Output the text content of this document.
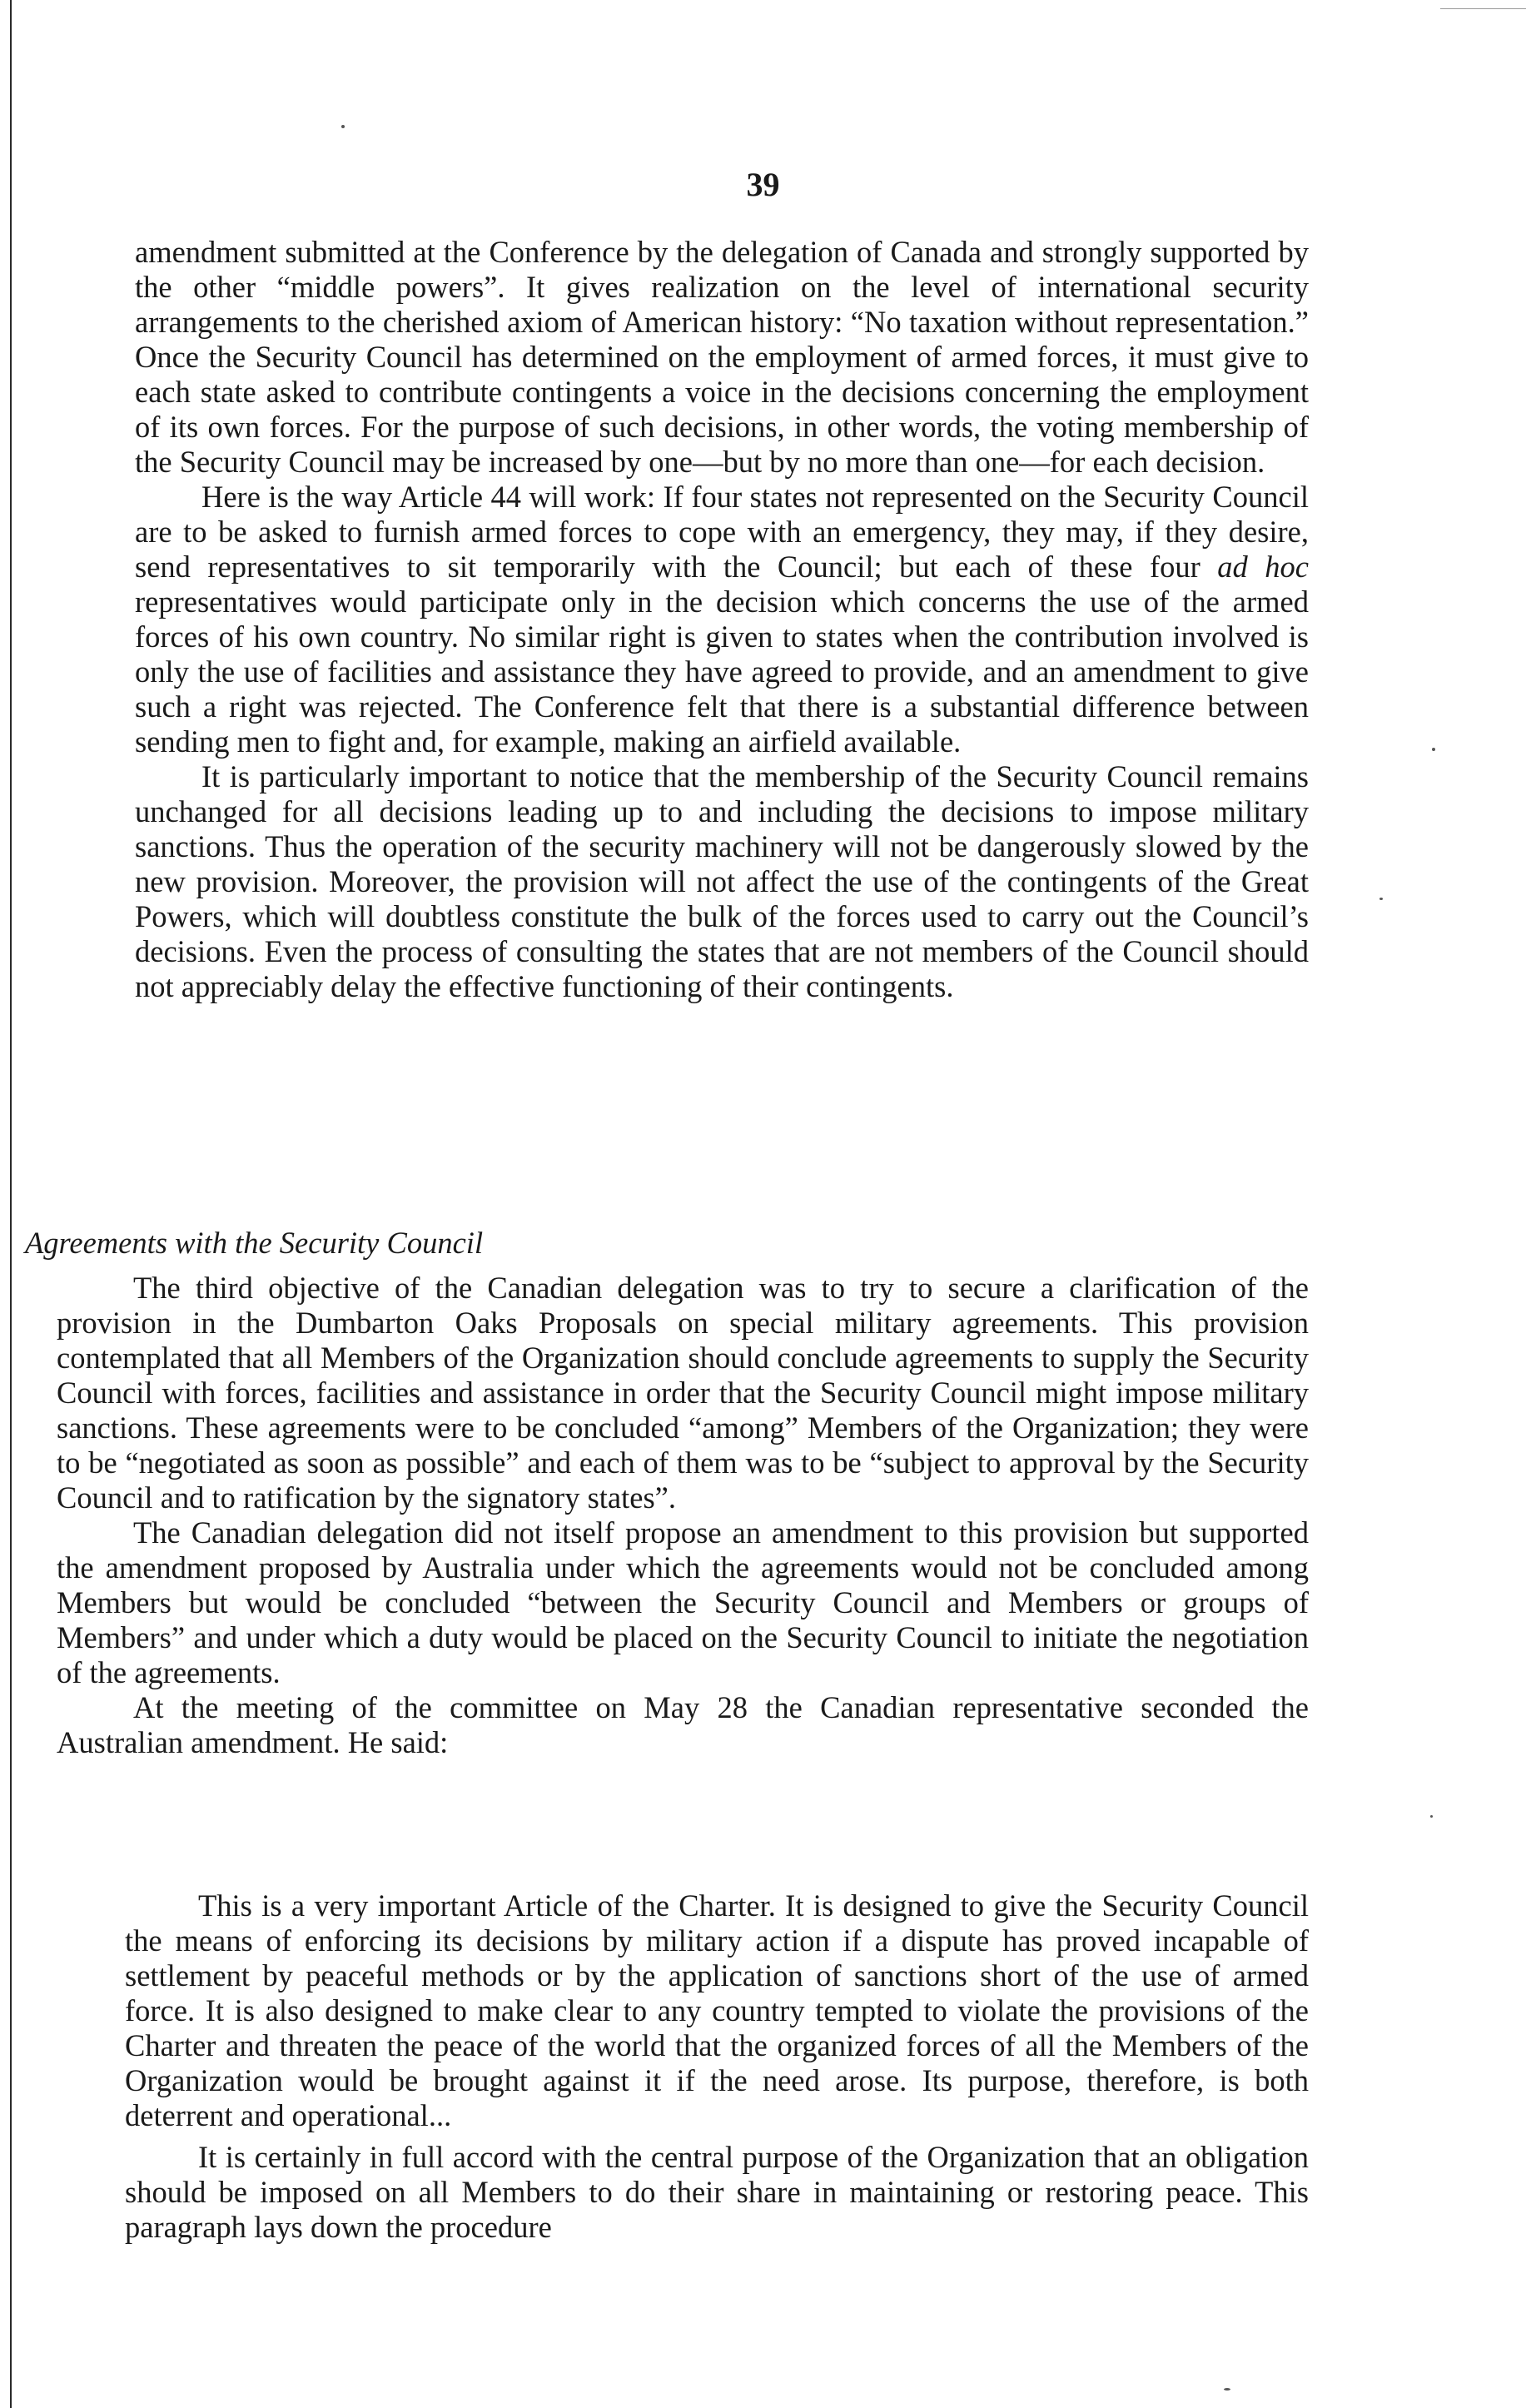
39

amendment submitted at the Conference by the delegation of Canada and strongly supported by the other “middle powers”. It gives realization on the level of international security arrangements to the cherished axiom of American history: “No taxation without representation.” Once the Security Council has determined on the employment of armed forces, it must give to each state asked to contribute contingents a voice in the decisions concerning the employment of its own forces. For the purpose of such decisions, in other words, the voting membership of the Security Council may be increased by one—but by no more than one—for each decision.

Here is the way Article 44 will work: If four states not represented on the Security Council are to be asked to furnish armed forces to cope with an emergency, they may, if they desire, send representatives to sit temporarily with the Council; but each of these four ad hoc representatives would participate only in the decision which concerns the use of the armed forces of his own country. No similar right is given to states when the contribution involved is only the use of facilities and assistance they have agreed to provide, and an amendment to give such a right was rejected. The Conference felt that there is a substantial difference between sending men to fight and, for example, making an airfield available.

It is particularly important to notice that the membership of the Security Council remains unchanged for all decisions leading up to and including the decisions to impose military sanctions. Thus the operation of the security machinery will not be dangerously slowed by the new provision. Moreover, the provision will not affect the use of the contingents of the Great Powers, which will doubtless constitute the bulk of the forces used to carry out the Council’s decisions. Even the process of consulting the states that are not members of the Council should not appreciably delay the effective functioning of their contingents.

Agreements with the Security Council

The third objective of the Canadian delegation was to try to secure a clarification of the provision in the Dumbarton Oaks Proposals on special military agreements. This provision contemplated that all Members of the Organization should conclude agreements to supply the Security Council with forces, facilities and assistance in order that the Security Council might impose military sanctions. These agreements were to be concluded “among” Members of the Organization; they were to be “negotiated as soon as possible” and each of them was to be “subject to approval by the Security Council and to ratification by the signatory states”.

The Canadian delegation did not itself propose an amendment to this provision but supported the amendment proposed by Australia under which the agreements would not be concluded among Members but would be concluded “between the Security Council and Members or groups of Members” and under which a duty would be placed on the Security Council to initiate the negotiation of the agreements.

At the meeting of the committee on May 28 the Canadian representative seconded the Australian amendment. He said:

This is a very important Article of the Charter. It is designed to give the Security Council the means of enforcing its decisions by military action if a dispute has proved incapable of settlement by peaceful methods or by the application of sanctions short of the use of armed force. It is also designed to make clear to any country tempted to violate the provisions of the Charter and threaten the peace of the world that the organized forces of all the Members of the Organization would be brought against it if the need arose. Its purpose, therefore, is both deterrent and operational...

It is certainly in full accord with the central purpose of the Organization that an obligation should be imposed on all Members to do their share in maintaining or restoring peace. This paragraph lays down the procedure
